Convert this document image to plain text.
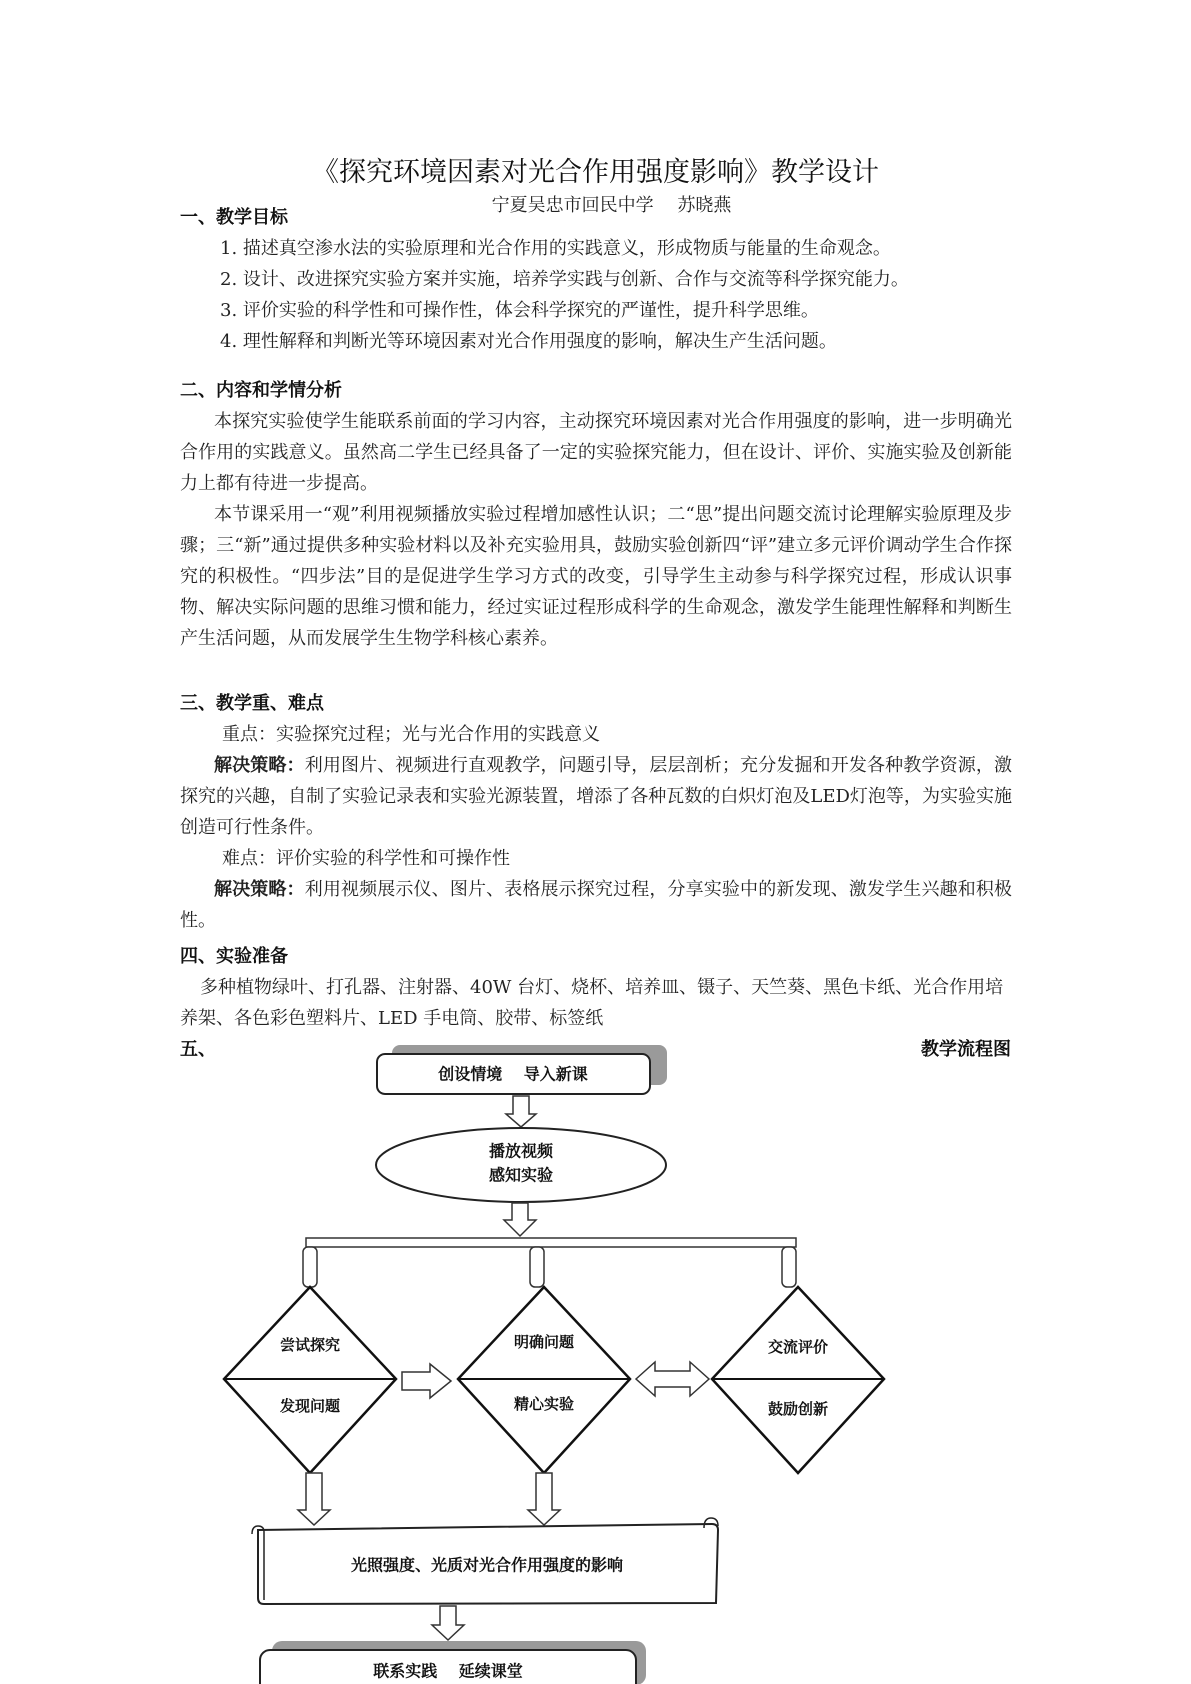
《探究环境因素对光合作用强度影响》教学设计
宁夏吴忠市回民中学　 苏晓燕
一、教学目标
1. 描述真空渗水法的实验原理和光合作用的实践意义，形成物质与能量的生命观念。
2. 设计、改进探究实验方案并实施，培养学实践与创新、合作与交流等科学探究能力。
3. 评价实验的科学性和可操作性，体会科学探究的严谨性，提升科学思维。
4. 理性解释和判断光等环境因素对光合作用强度的影响，解决生产生活问题。
二、内容和学情分析
本探究实验使学生能联系前面的学习内容，主动探究环境因素对光合作用强度的影响，进一步明确光合作用的实践意义。虽然高二学生已经具备了一定的实验探究能力，但在设计、评价、实施实验及创新能力上都有待进一步提高。
本节课采用一“观”利用视频播放实验过程增加感性认识；二“思”提出问题交流讨论理解实验原理及步骤；三“新”通过提供多种实验材料以及补充实验用具，鼓励实验创新四“评”建立多元评价调动学生合作探究的积极性。“四步法”目的是促进学生学习方式的改变，引导学生主动参与科学探究过程，形成认识事物、解决实际问题的思维习惯和能力，经过实证过程形成科学的生命观念，激发学生能理性解释和判断生产生活问题，从而发展学生生物学科核心素养。
三、教学重、难点
重点：实验探究过程；光与光合作用的实践意义
解决策略：利用图片、视频进行直观教学，问题引导，层层剖析；充分发掘和开发各种教学资源，激探究的兴趣，自制了实验记录表和实验光源装置，增添了各种瓦数的白炽灯泡及LED灯泡等，为实验实施创造可行性条件。
难点：评价实验的科学性和可操作性
解决策略：利用视频展示仪、图片、表格展示探究过程，分享实验中的新发现、激发学生兴趣和积极性。
四、实验准备
多种植物绿叶、打孔器、注射器、40W 台灯、烧杯、培养皿、镊子、天竺葵、黑色卡纸、光合作用培养架、各色彩色塑料片、LED 手电筒、胶带、标签纸
五、	教学流程图
创设情境　 导入新课
播放视频
感知实验
尝试探究
发现问题
明确问题
精心实验
交流评价
鼓励创新
光照强度、光质对光合作用强度的影响
联系实践　 延续课堂
